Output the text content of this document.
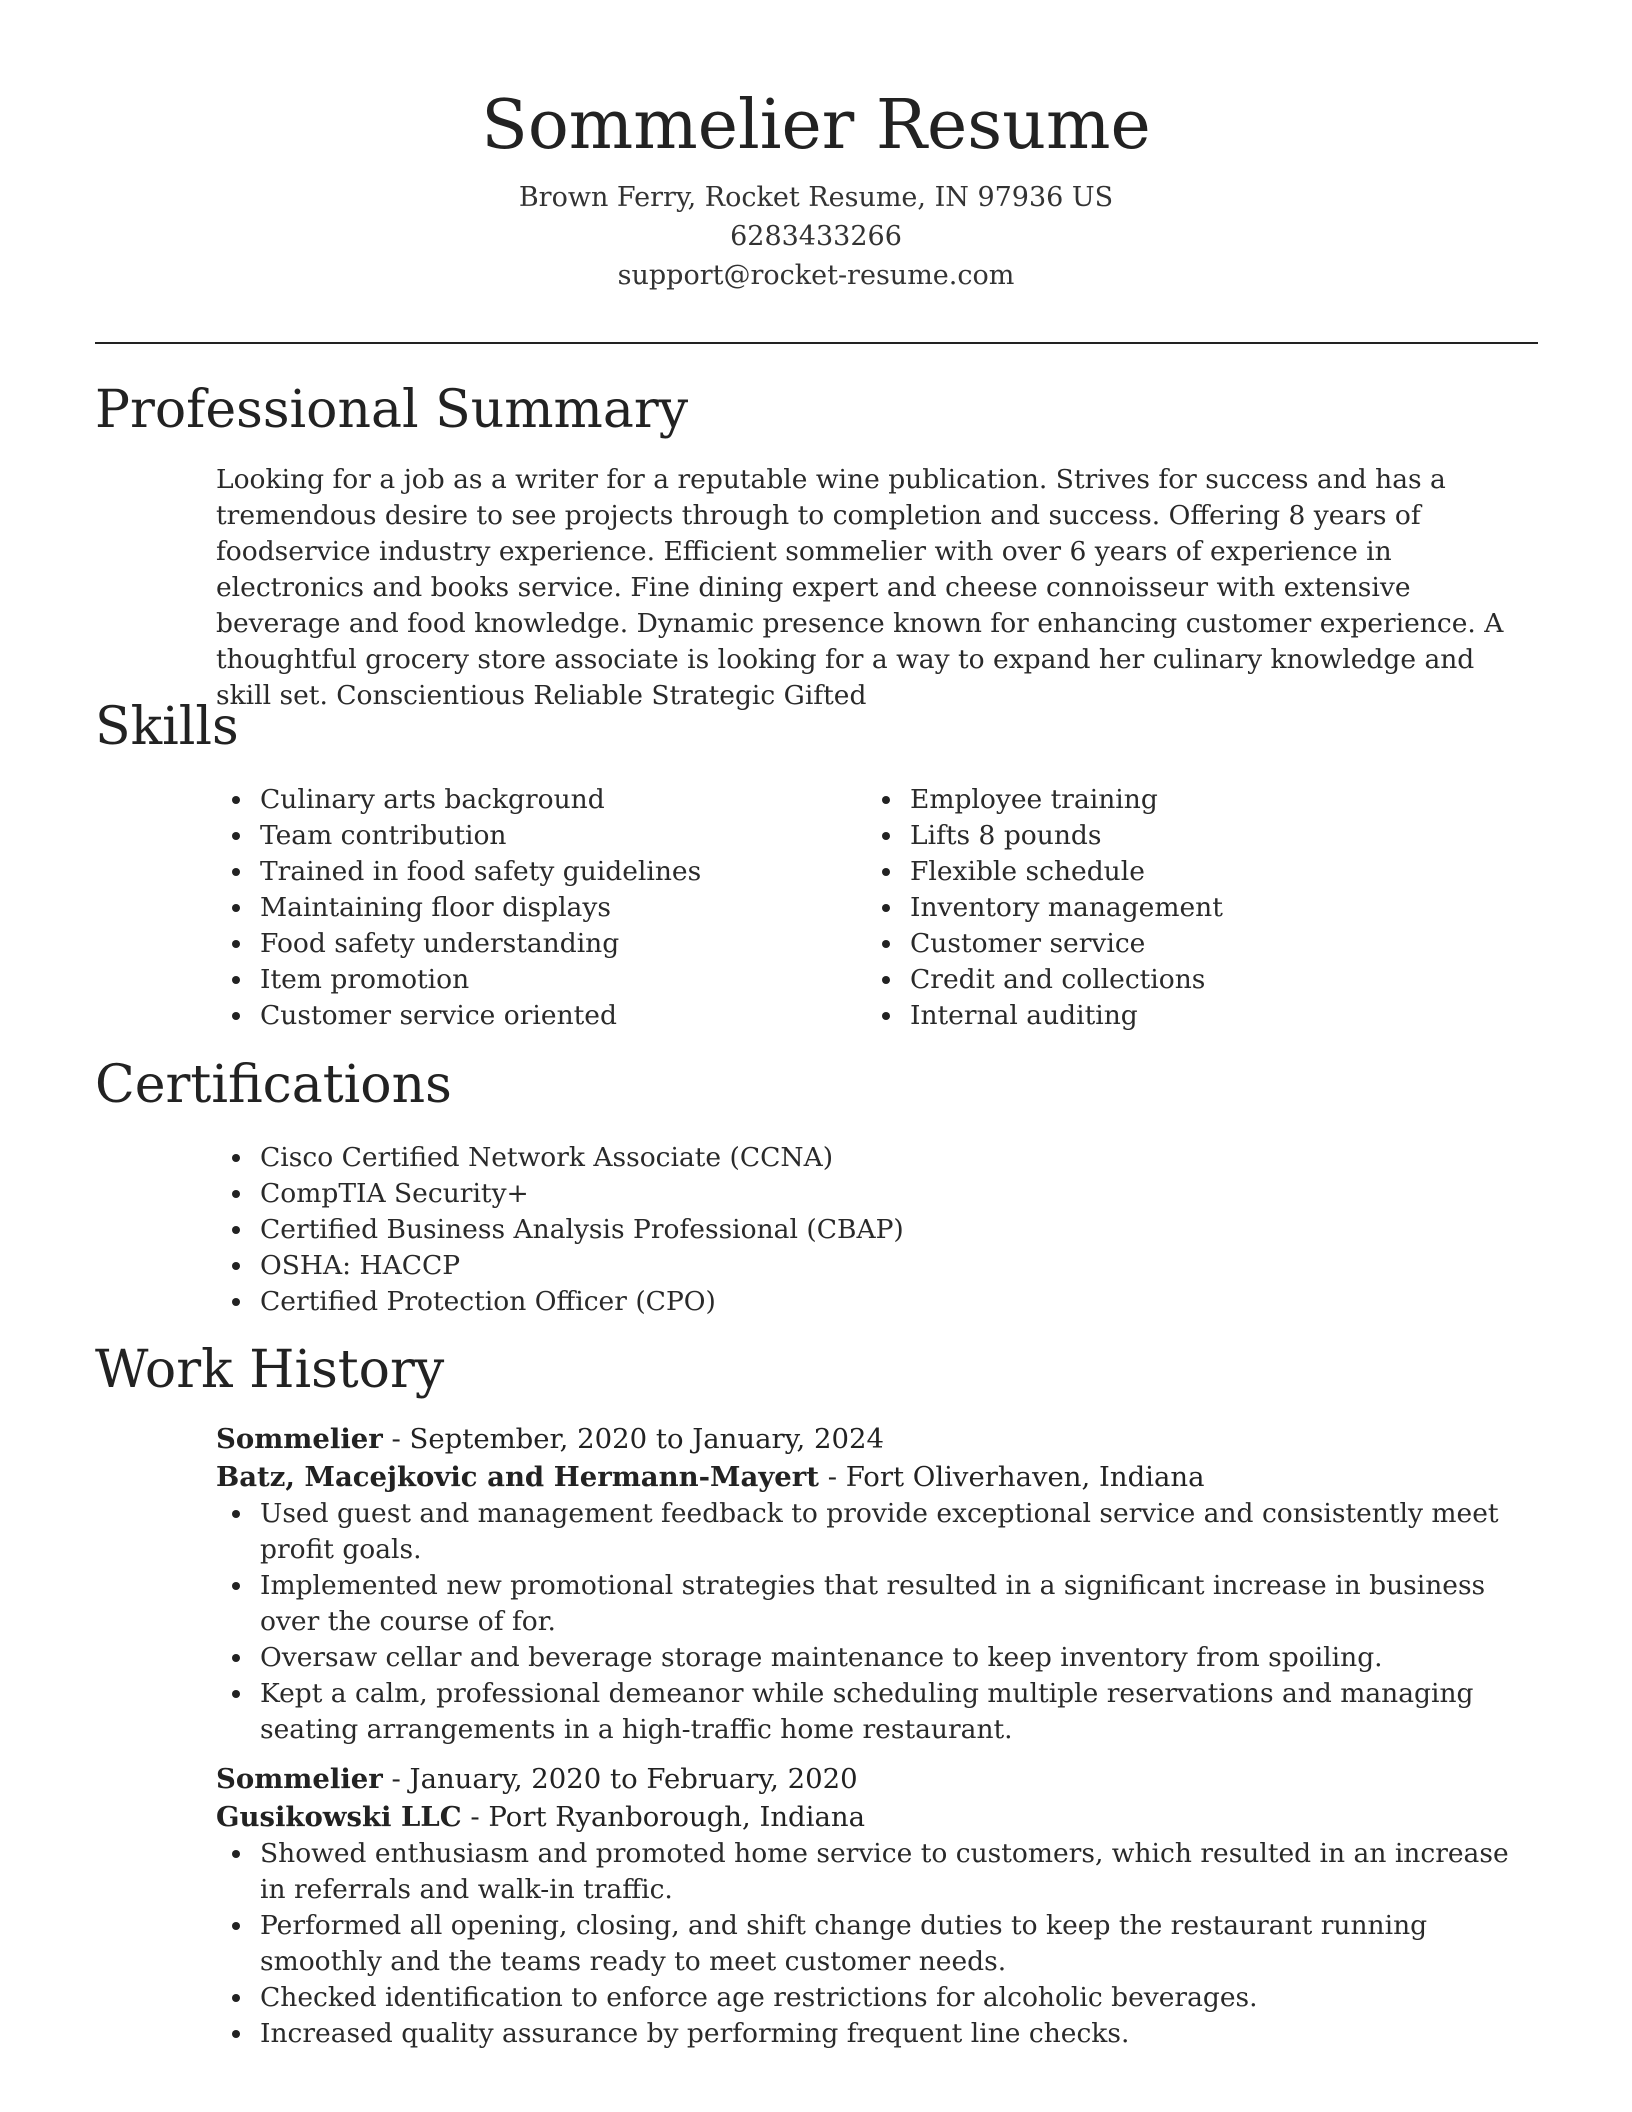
Sommelier Resume
Brown Ferry, Rocket Resume, IN 97936 US
6283433266
support@rocket-resume.com
Professional Summary

Looking for a job as a writer for a reputable wine publication. Strives for success and has a tremendous desire to see projects through to completion and success. Offering 8 years of foodservice industry experience. Efficient sommelier with over 6 years of experience in electronics and books service. Fine dining expert and cheese connoisseur with extensive beverage and food knowledge. Dynamic presence known for enhancing customer experience. A thoughtful grocery store associate is looking for a way to expand her culinary knowledge and skill set. Conscientious Reliable Strategic Gifted

Skills
Culinary arts background
Team contribution
Trained in food safety guidelines
Maintaining floor displays
Food safety understanding
Item promotion
Customer service oriented
Employee training
Lifts 8 pounds
Flexible schedule
Inventory management
Customer service
Credit and collections
Internal auditing
Certifications
Cisco Certified Network Associate (CCNA)
CompTIA Security+
Certified Business Analysis Professional (CBAP)
OSHA: HACCP
Certified Protection Officer (CPO)
Work History
Sommelier - September, 2020 to January, 2024
Batz, Macejkovic and Hermann-Mayert - Fort Oliverhaven, Indiana
Used guest and management feedback to provide exceptional service and consistently meet profit goals.
Implemented new promotional strategies that resulted in a significant increase in business over the course of for.
Oversaw cellar and beverage storage maintenance to keep inventory from spoiling.
Kept a calm, professional demeanor while scheduling multiple reservations and managing seating arrangements in a high-traffic home restaurant.
Sommelier - January, 2020 to February, 2020
Gusikowski LLC - Port Ryanborough, Indiana
Showed enthusiasm and promoted home service to customers, which resulted in an increase in referrals and walk-in traffic.
Performed all opening, closing, and shift change duties to keep the restaurant running smoothly and the teams ready to meet customer needs.
Checked identification to enforce age restrictions for alcoholic beverages.
Increased quality assurance by performing frequent line checks.
